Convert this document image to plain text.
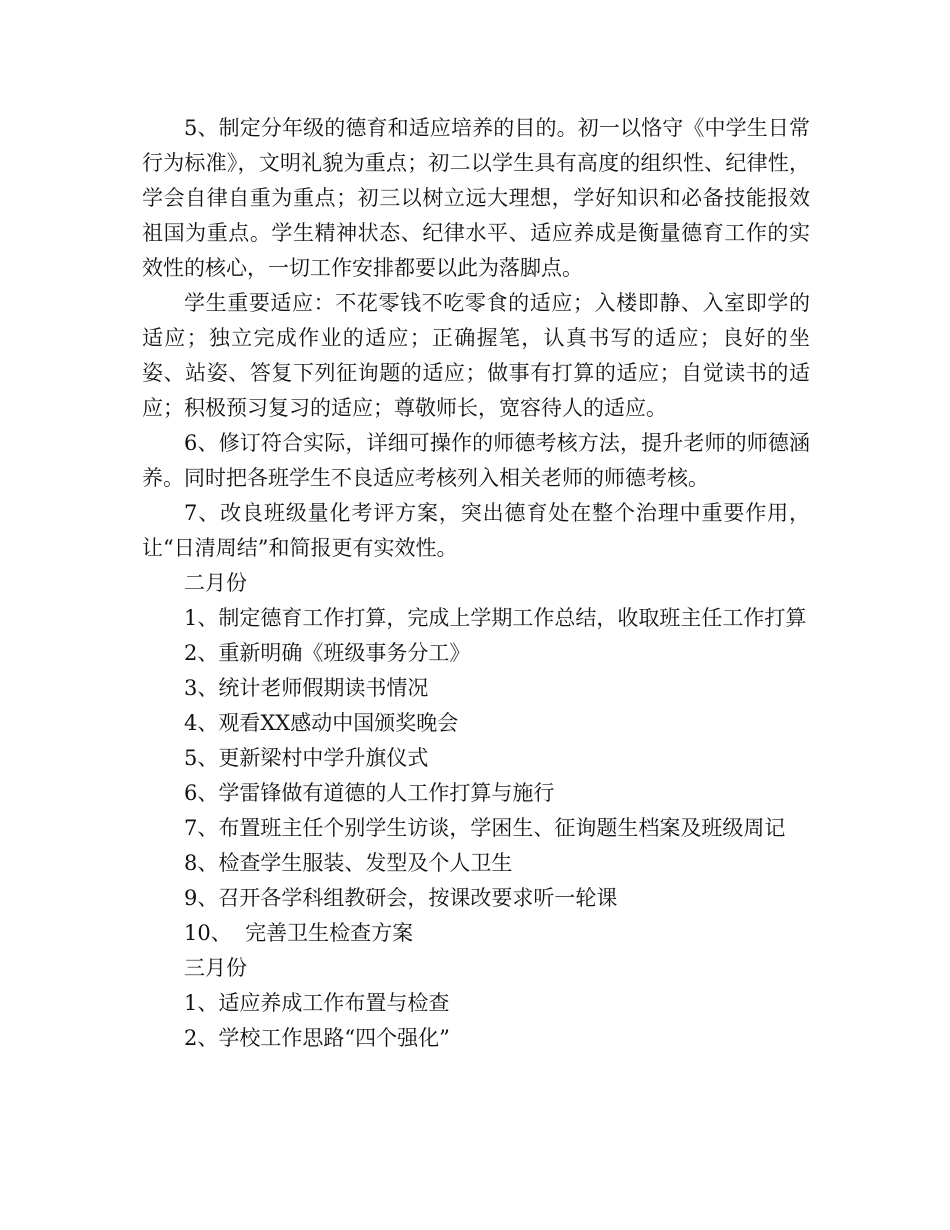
5、制定分年级的德育和适应培养的目的。初一以恪守《中学生日常行为标准》，文明礼貌为重点；初二以学生具有高度的组织性、纪律性，学会自律自重为重点；初三以树立远大理想，学好知识和必备技能报效祖国为重点。学生精神状态、纪律水平、适应养成是衡量德育工作的实效性的核心，一切工作安排都要以此为落脚点。

学生重要适应：不花零钱不吃零食的适应；入楼即静、入室即学的适应；独立完成作业的适应；正确握笔，认真书写的适应；良好的坐姿、站姿、答复下列征询题的适应；做事有打算的适应；自觉读书的适应；积极预习复习的适应；尊敬师长，宽容待人的适应。

6、修订符合实际，详细可操作的师德考核方法，提升老师的师德涵养。同时把各班学生不良适应考核列入相关老师的师德考核。

7、改良班级量化考评方案，突出德育处在整个治理中重要作用，让“日清周结”和简报更有实效性。

二月份

1、制定德育工作打算，完成上学期工作总结，收取班主任工作打算

2、重新明确《班级事务分工》

3、统计老师假期读书情况

4、观看XX感动中国颁奖晚会

5、更新梁村中学升旗仪式

6、学雷锋做有道德的人工作打算与施行

7、布置班主任个别学生访谈，学困生、征询题生档案及班级周记

8、检查学生服装、发型及个人卫生

9、召开各学科组教研会，按课改要求听一轮课

10、  完善卫生检查方案

三月份

1、适应养成工作布置与检查

2、学校工作思路“四个强化”
